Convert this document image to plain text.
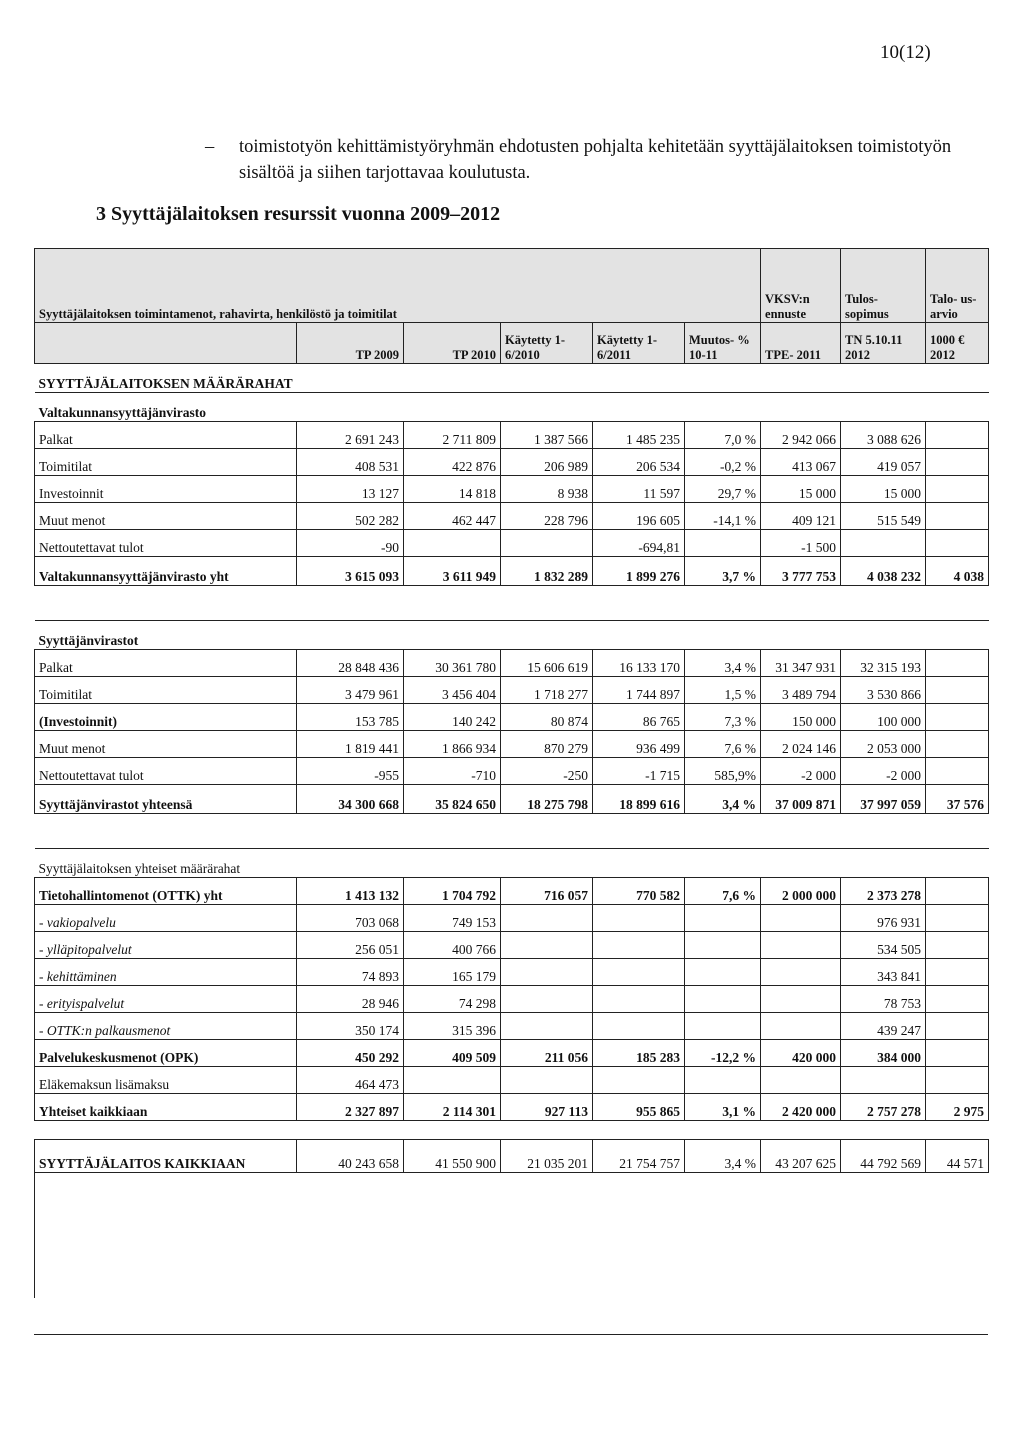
10(12)
– toimistotyön kehittämistyöryhmän ehdotusten pohjalta kehitetään syyttäjälaitoksen toimistotyön sisältöä ja siihen tarjottavaa koulutusta.
3 Syyttäjälaitoksen resurssit vuonna 2009–2012
Syyttäjälaitoksen toimintamenot, rahavirta, henkilöstö ja toimitilat						VKSV:n ennuste	Tulos- sopimus	Talo- us- arvio
	TP 2009	TP 2010	Käytetty 1-6/2010	Käytetty 1-6/2011	Muutos- % 10-11	TPE- 2011	TN 5.10.11 2012	1000 € 2012
SYYTTÄJÄLAITOKSEN MÄÄRÄRAHAT								
Valtakunnansyyttäjänvirasto								
Palkat	2 691 243	2 711 809	1 387 566	1 485 235	7,0 %	2 942 066	3 088 626	
Toimitilat	408 531	422 876	206 989	206 534	-0,2 %	413 067	419 057	
Investoinnit	13 127	14 818	8 938	11 597	29,7 %	15 000	15 000	
Muut menot	502 282	462 447	228 796	196 605	-14,1 %	409 121	515 549	
Nettoutettavat tulot	-90			-694,81		-1 500		
Valtakunnansyyttäjänvirasto yht	3 615 093	3 611 949	1 832 289	1 899 276	3,7 %	3 777 753	4 038 232	4 038

Syyttäjänvirastot								
Palkat	28 848 436	30 361 780	15 606 619	16 133 170	3,4 %	31 347 931	32 315 193	
Toimitilat	3 479 961	3 456 404	1 718 277	1 744 897	1,5 %	3 489 794	3 530 866	
(Investoinnit)	153 785	140 242	80 874	86 765	7,3 %	150 000	100 000	
Muut menot	1 819 441	1 866 934	870 279	936 499	7,6 %	2 024 146	2 053 000	
Nettoutettavat tulot	-955	-710	-250	-1 715	585,9%	-2 000	-2 000	
Syyttäjänvirastot yhteensä	34 300 668	35 824 650	18 275 798	18 899 616	3,4 %	37 009 871	37 997 059	37 576

Syyttäjälaitoksen yhteiset määrärahat								
Tietohallintomenot (OTTK) yht	1 413 132	1 704 792	716 057	770 582	7,6 %	2 000 000	2 373 278	
- vakiopalvelu	703 068	749 153					976 931	
- ylläpitopalvelut	256 051	400 766					534 505	
- kehittäminen	74 893	165 179					343 841	
- erityispalvelut	28 946	74 298					78 753	
- OTTK:n palkausmenot	350 174	315 396					439 247	
Palvelukeskusmenot (OPK)	450 292	409 509	211 056	185 283	-12,2 %	420 000	384 000	
Eläkemaksun lisämaksu	464 473							
Yhteiset kaikkiaan	2 327 897	2 114 301	927 113	955 865	3,1 %	2 420 000	2 757 278	2 975

SYYTTÄJÄLAITOS KAIKKIAAN	40 243 658	41 550 900	21 035 201	21 754 757	3,4 %	43 207 625	44 792 569	44 571
